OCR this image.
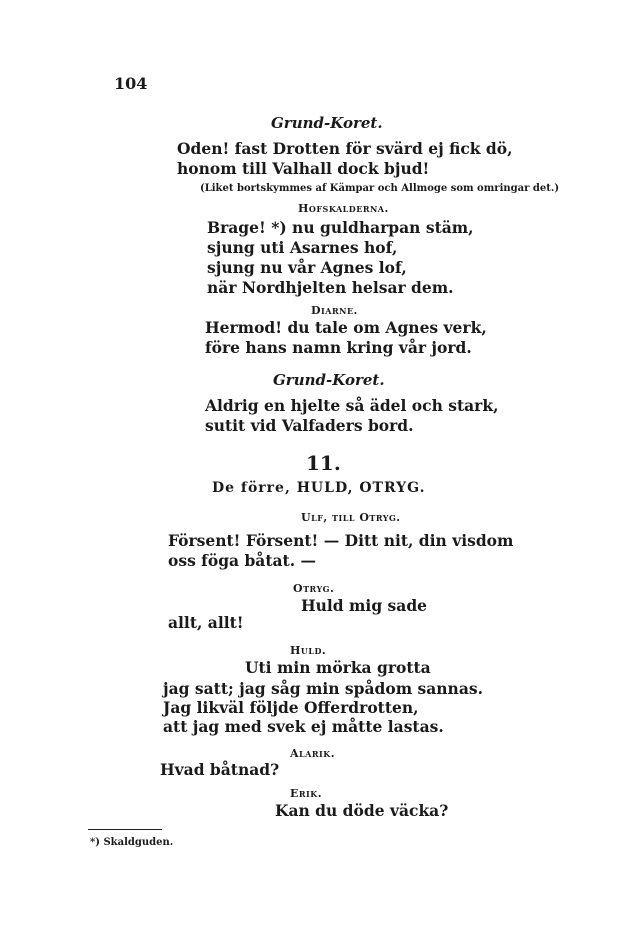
104
Grund-Koret.
Oden! fast Drotten för svärd ej fick dö,
honom till Valhall dock bjud!
(Liket bortskymmes af Kämpar och Allmoge som omringar det.)
Hofskalderna.
Brage! *) nu guldharpan stäm,
sjung uti Asarnes hof,
sjung nu vår Agnes lof,
när Nordhjelten helsar dem.
Diarne.
Hermod! du tale om Agnes verk,
före hans namn kring vår jord.
Grund-Koret.
Aldrig en hjelte så ädel och stark,
sutit vid Valfaders bord.
11.
De förre, HULD, OTRYG.
Ulf, till Otryg.
Försent! Försent! — Ditt nit, din visdom
oss föga båtat. —
Otryg.
Huld mig sade
allt, allt!
Huld.
Uti min mörka grotta
jag satt; jag såg min spådom sannas.
Jag likväl följde Offerdrotten,
att jag med svek ej måtte lastas.
Alarik.
Hvad båtnad?
Erik.
Kan du döde väcka?
*) Skaldguden.
